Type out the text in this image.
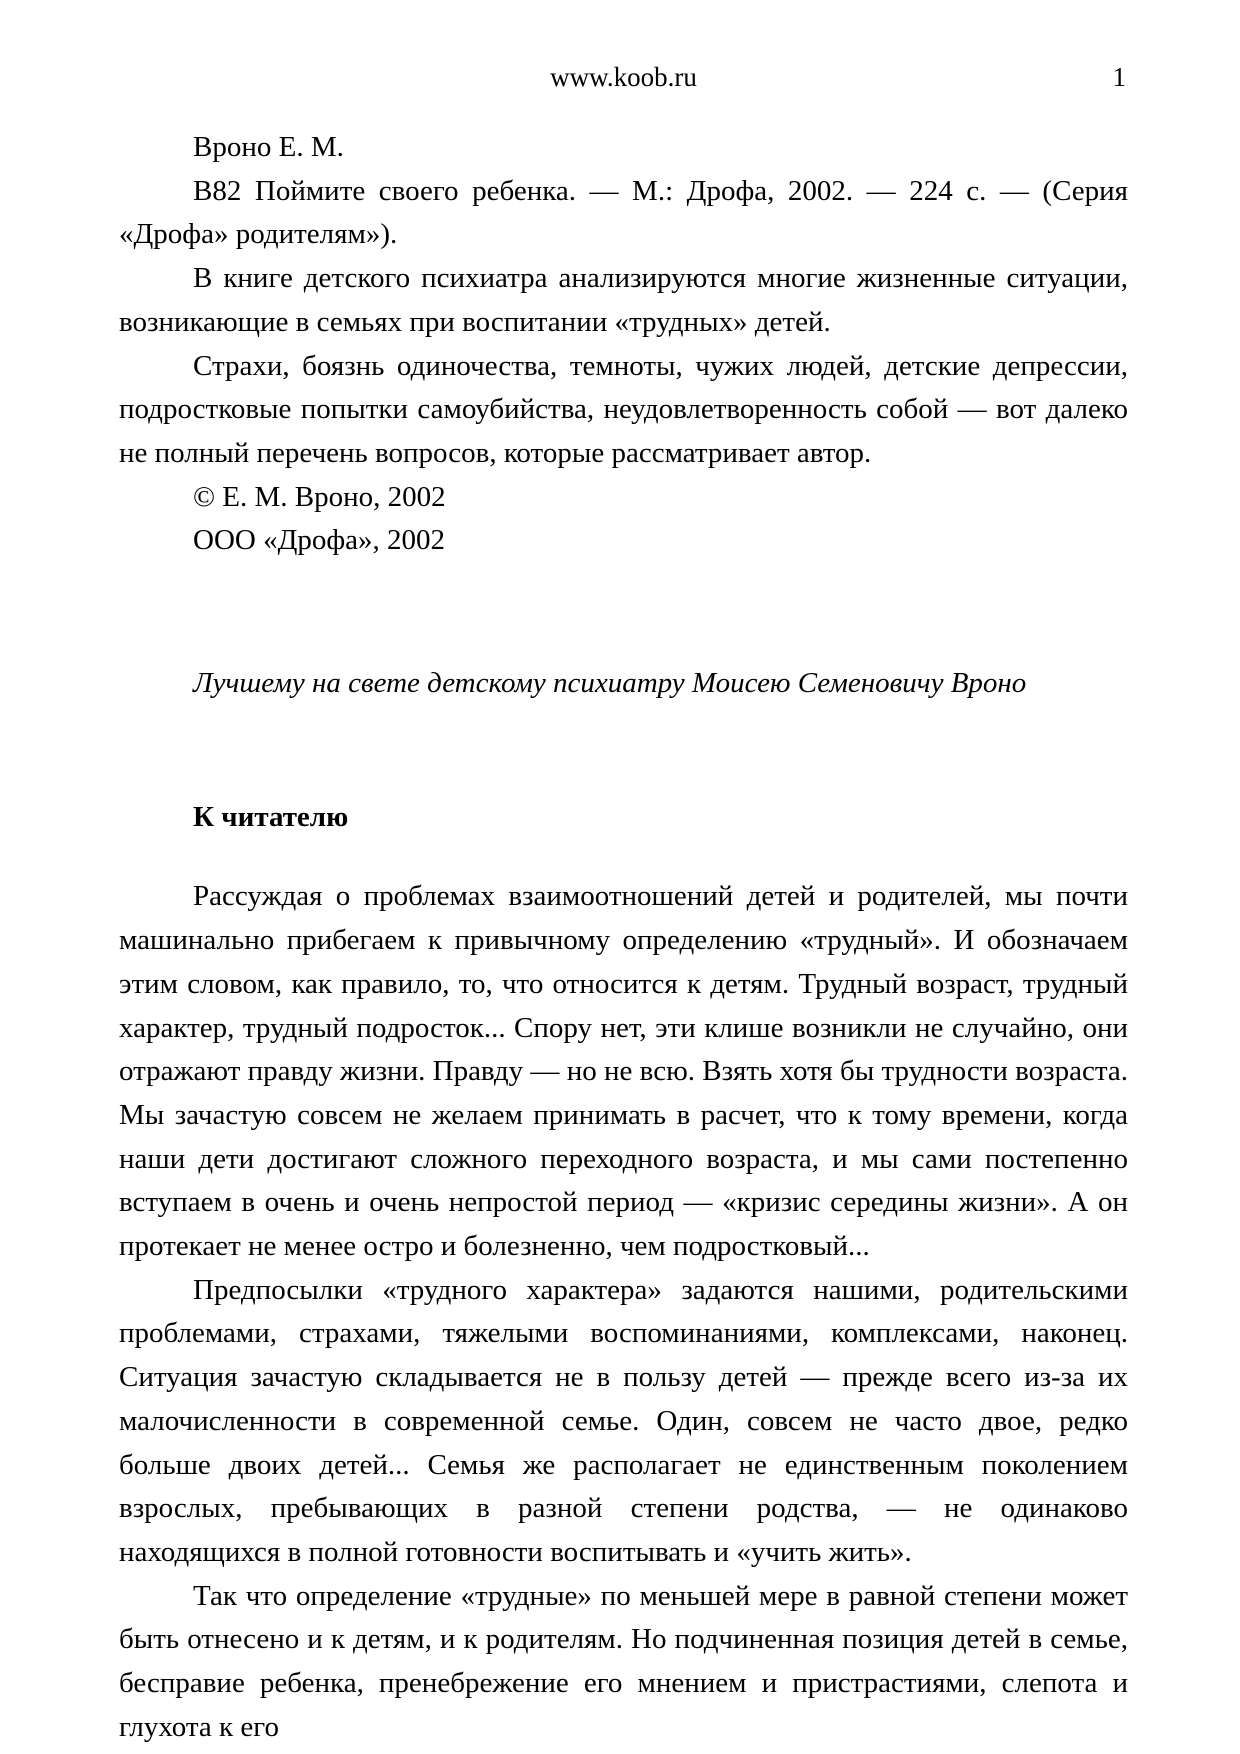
www.koob.ru	1

Вроно Е. М.

В82 Поймите своего ребенка. — М.: Дрофа, 2002. — 224 с. — (Серия «Дрофа» родителям»).

В книге детского психиатра анализируются многие жизненные ситуации, возникающие в семьях при воспитании «трудных» детей.

Страхи, боязнь одиночества, темноты, чужих людей, детские депрессии, подростковые попытки самоубийства, неудовлетворенность собой — вот далеко не полный перечень вопросов, которые рассматривает автор.

© Е. М. Вроно, 2002

ООО «Дрофа», 2002

Лучшему на свете детскому психиатру Моисею Семеновичу Вроно

К читателю

Рассуждая о проблемах взаимоотношений детей и родителей, мы почти машинально прибегаем к привычному определению «трудный». И обозначаем этим словом, как правило, то, что относится к детям. Трудный возраст, трудный характер, трудный подросток... Спору нет, эти клише возникли не случайно, они отражают правду жизни. Правду — но не всю. Взять хотя бы трудности возраста. Мы зачастую совсем не желаем принимать в расчет, что к тому времени, когда наши дети достигают сложного переходного возраста, и мы сами постепенно вступаем в очень и очень непростой период — «кризис середины жизни». А он протекает не менее остро и болезненно, чем подростковый...

Предпосылки «трудного характера» задаются нашими, родительскими проблемами, страхами, тяжелыми воспоминаниями, комплексами, наконец. Ситуация зачастую складывается не в пользу детей — прежде всего из-за их малочисленности в современной семье. Один, совсем не часто двое, редко больше двоих детей... Семья же располагает не единственным поколением взрослых, пребывающих в разной степени родства, — не одинаково находящихся в полной готовности воспитывать и «учить жить».

Так что определение «трудные» по меньшей мере в равной степени может быть отнесено и к детям, и к родителям. Но подчиненная позиция детей в семье, бесправие ребенка, пренебрежение его мнением и пристрастиями, слепота и глухота к его
